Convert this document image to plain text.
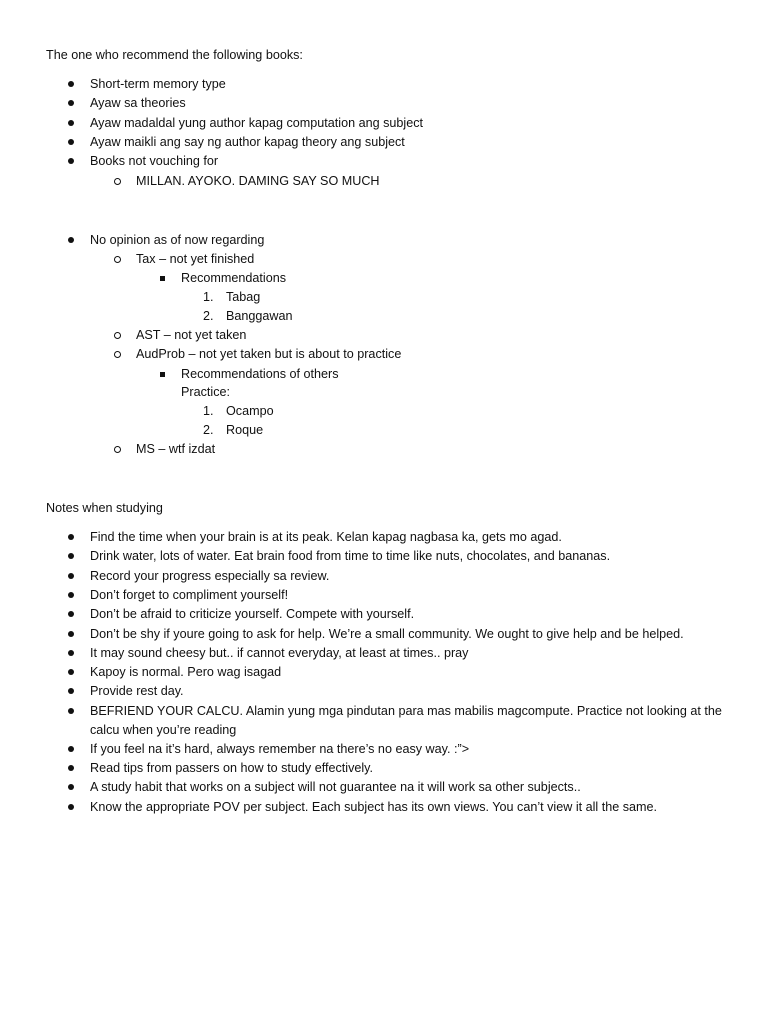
The one who recommend the following books:
Short-term memory type
Ayaw sa theories
Ayaw madaldal yung author kapag computation ang subject
Ayaw maikli ang say ng author kapag theory ang subject
Books not vouching for
MILLAN. AYOKO. DAMING SAY SO MUCH
No opinion as of now regarding
Tax – not yet finished
Recommendations
1. Tabag
2. Banggawan
AST – not yet taken
AudProb – not yet taken but is about to practice
Recommendations of others
Practice:
1. Ocampo
2. Roque
MS – wtf izdat
Notes when studying
Find the time when your brain is at its peak. Kelan kapag nagbasa ka, gets mo agad.
Drink water, lots of water. Eat brain food from time to time like nuts, chocolates, and bananas.
Record your progress especially sa review.
Don’t forget to compliment yourself!
Don’t be afraid to criticize yourself. Compete with yourself.
Don’t be shy if youre going to ask for help. We’re a small community. We ought to give help and be helped.
It may sound cheesy but.. if cannot everyday, at least at times.. pray
Kapoy is normal. Pero wag isagad
Provide rest day.
BEFRIEND YOUR CALCU. Alamin yung mga pindutan para mas mabilis magcompute. Practice not looking at the
calcu when you’re reading
If you feel na it’s hard, always remember na there’s no easy way. :”>
Read tips from passers on how to study effectively.
A study habit that works on a subject will not guarantee na it will work sa other subjects..
Know the appropriate POV per subject. Each subject has its own views. You can’t view it all the same.
